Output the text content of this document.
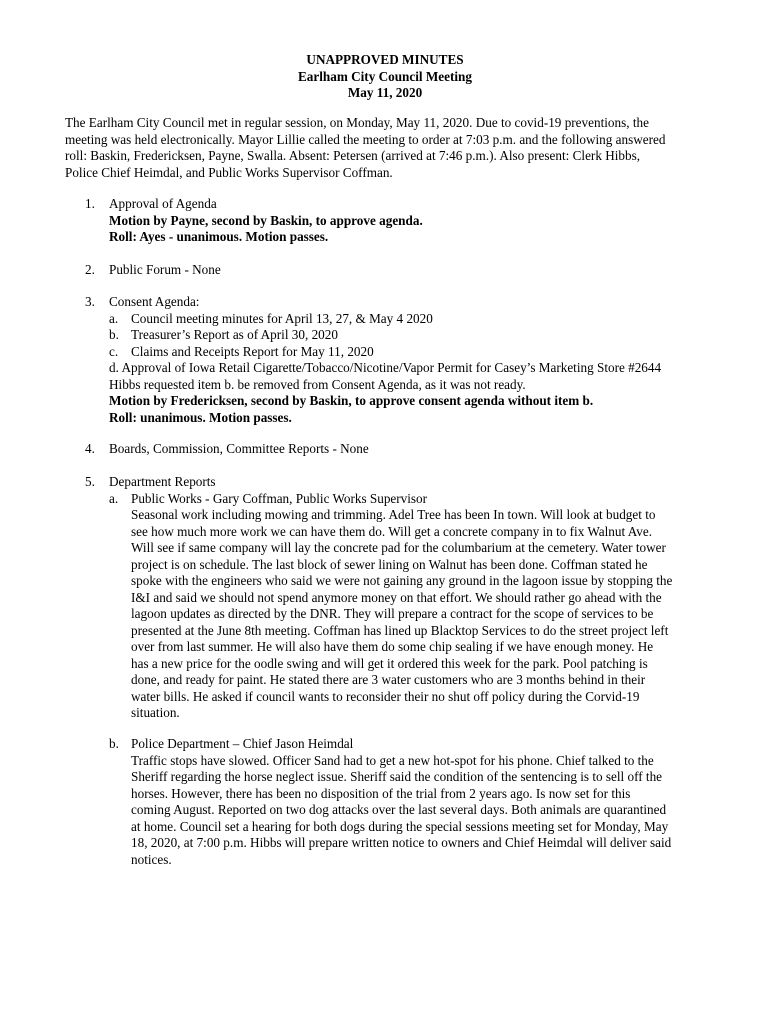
UNAPPROVED MINUTES
Earlham City Council Meeting
May 11, 2020
The Earlham City Council met in regular session, on Monday, May 11, 2020. Due to covid-19 preventions, the
meeting was held electronically. Mayor Lillie called the meeting to order at 7:03 p.m. and the following answered
roll: Baskin, Fredericksen, Payne, Swalla. Absent: Petersen (arrived at 7:46 p.m.). Also present: Clerk Hibbs,
Police Chief Heimdal, and Public Works Supervisor Coffman.
1. Approval of Agenda
Motion by Payne, second by Baskin, to approve agenda.
Roll: Ayes - unanimous. Motion passes.
2. Public Forum - None
3. Consent Agenda:
a. Council meeting minutes for April 13, 27, & May 4 2020
b. Treasurer’s Report as of April 30, 2020
c. Claims and Receipts Report for May 11, 2020
d. Approval of Iowa Retail Cigarette/Tobacco/Nicotine/Vapor Permit for Casey’s Marketing Store #2644
Hibbs requested item b. be removed from Consent Agenda, as it was not ready.
Motion by Fredericksen, second by Baskin, to approve consent agenda without item b.
Roll: unanimous. Motion passes.
4. Boards, Commission, Committee Reports - None
5. Department Reports
a. Public Works - Gary Coffman, Public Works Supervisor
Seasonal work including mowing and trimming. Adel Tree has been In town. Will look at budget to
see how much more work we can have them do. Will get a concrete company in to fix Walnut Ave.
Will see if same company will lay the concrete pad for the columbarium at the cemetery. Water tower
project is on schedule. The last block of sewer lining on Walnut has been done. Coffman stated he
spoke with the engineers who said we were not gaining any ground in the lagoon issue by stopping the
I&I and said we should not spend anymore money on that effort. We should rather go ahead with the
lagoon updates as directed by the DNR. They will prepare a contract for the scope of services to be
presented at the June 8th meeting. Coffman has lined up Blacktop Services to do the street project left
over from last summer. He will also have them do some chip sealing if we have enough money. He
has a new price for the oodle swing and will get it ordered this week for the park. Pool patching is
done, and ready for paint. He stated there are 3 water customers who are 3 months behind in their
water bills. He asked if council wants to reconsider their no shut off policy during the Corvid-19
situation.
b. Police Department – Chief Jason Heimdal
Traffic stops have slowed. Officer Sand had to get a new hot-spot for his phone. Chief talked to the
Sheriff regarding the horse neglect issue. Sheriff said the condition of the sentencing is to sell off the
horses. However, there has been no disposition of the trial from 2 years ago. Is now set for this
coming August. Reported on two dog attacks over the last several days. Both animals are quarantined
at home. Council set a hearing for both dogs during the special sessions meeting set for Monday, May
18, 2020, at 7:00 p.m. Hibbs will prepare written notice to owners and Chief Heimdal will deliver said
notices.
